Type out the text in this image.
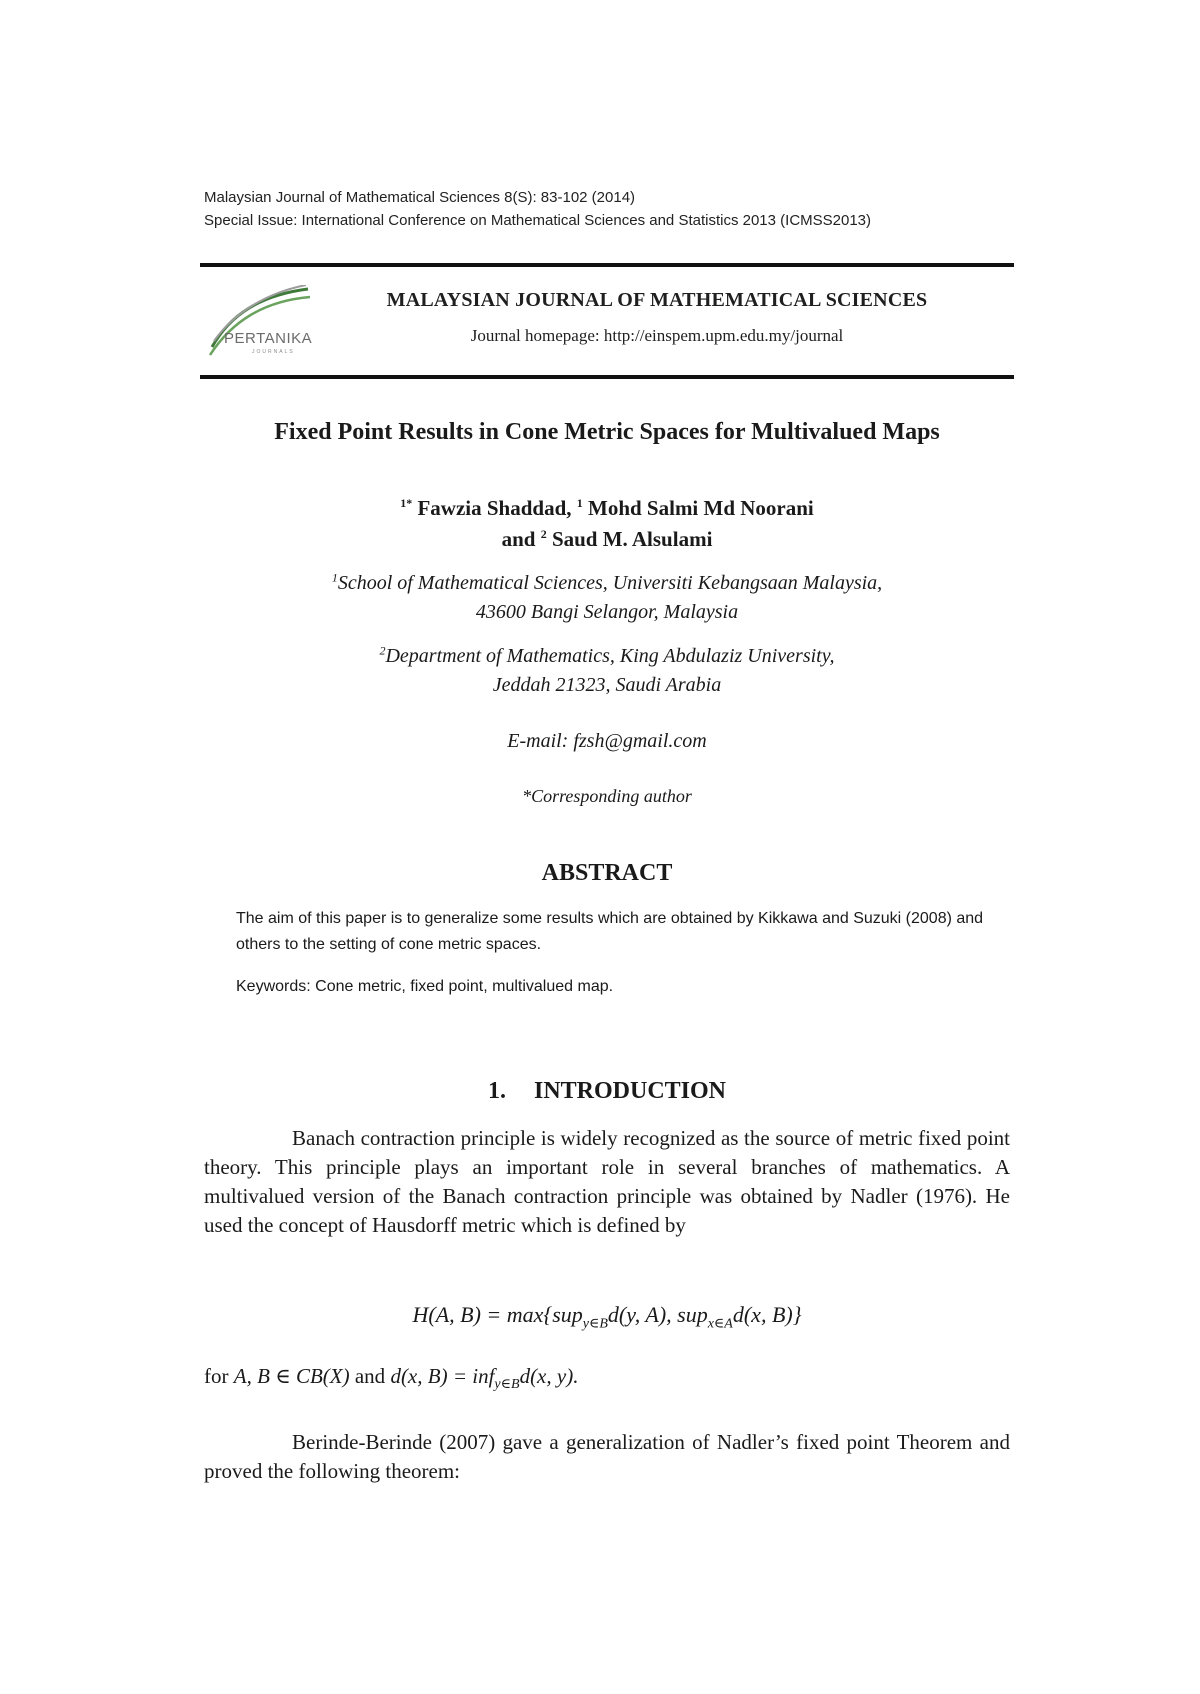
Malaysian Journal of Mathematical Sciences 8(S): 83-102 (2014)
Special Issue: International Conference on Mathematical Sciences and Statistics 2013 (ICMSS2013)
PERTANIKA
JOURNALS
MALAYSIAN JOURNAL OF MATHEMATICAL SCIENCES
Journal homepage: http://einspem.upm.edu.my/journal
Fixed Point Results in Cone Metric Spaces for Multivalued Maps
$^{1*}$ Fawzia Shaddad, $^1$ Mohd Salmi Md Noorani
and $^2$ Saud M. Alsulami
$^1$School of Mathematical Sciences, Universiti Kebangsaan Malaysia,
43600 Bangi Selangor, Malaysia
$^2$Department of Mathematics, King Abdulaziz University,
Jeddah 21323, Saudi Arabia
E-mail: fzsh@gmail.com
*Corresponding author
ABSTRACT
The aim of this paper is to generalize some results which are obtained by Kikkawa and Suzuki (2008) and others to the setting of cone metric spaces.
Keywords: Cone metric, fixed point, multivalued map.
1. INTRODUCTION
Banach contraction principle is widely recognized as the source of metric fixed point theory. This principle plays an important role in several branches of mathematics. A multivalued version of the Banach contraction principle was obtained by Nadler (1976). He used the concept of Hausdorff metric which is defined by
H(A, B) = max{sup$_{y\in B}$d(y, A), sup$_{x\in A}$d(x, B)}
for A, B ∈ CB(X) and d(x, B) = inf$_{y\in B}$d(x, y).
Berinde-Berinde (2007) gave a generalization of Nadler’s fixed point Theorem and proved the following theorem:
